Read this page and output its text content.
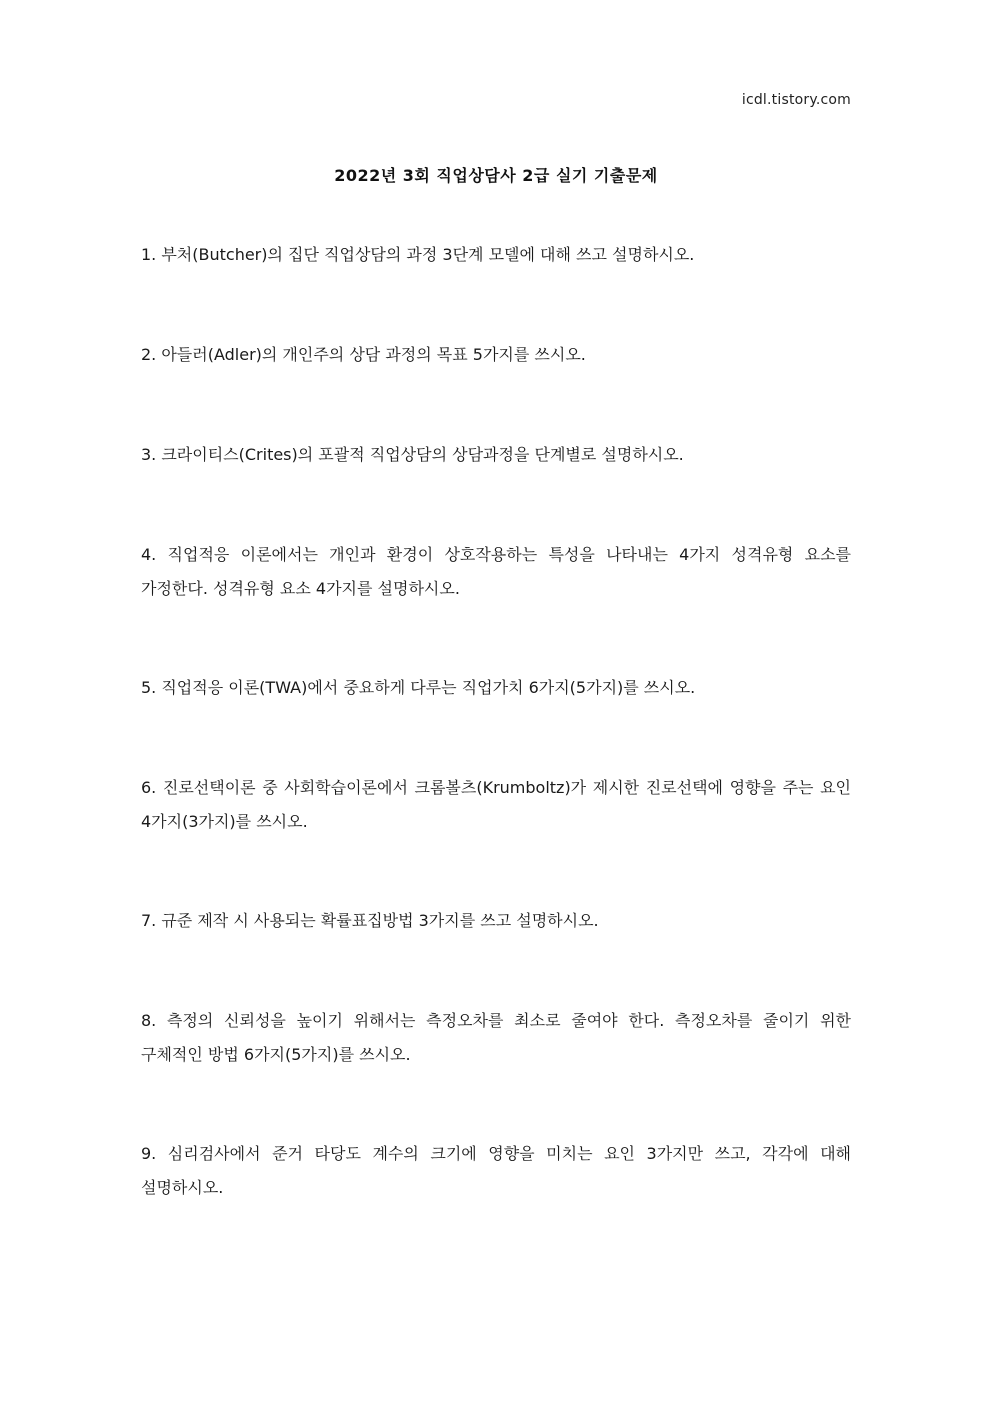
icdl.tistory.com
2022년 3회 직업상담사 2급 실기 기출문제
1. 부처(Butcher)의 집단 직업상담의 과정 3단계 모델에 대해 쓰고 설명하시오.
2. 아들러(Adler)의 개인주의 상담 과정의 목표 5가지를 쓰시오.
3. 크라이티스(Crites)의 포괄적 직업상담의 상담과정을 단계별로 설명하시오.
4. 직업적응 이론에서는 개인과 환경이 상호작용하는 특성을 나타내는 4가지 성격유형 요소를 가정한다. 성격유형 요소 4가지를 설명하시오.
5. 직업적응 이론(TWA)에서 중요하게 다루는 직업가치 6가지(5가지)를 쓰시오.
6. 진로선택이론 중 사회학습이론에서 크롬볼츠(Krumboltz)가 제시한 진로선택에 영향을 주는 요인 4가지(3가지)를 쓰시오.
7. 규준 제작 시 사용되는 확률표집방법 3가지를 쓰고 설명하시오.
8. 측정의 신뢰성을 높이기 위해서는 측정오차를 최소로 줄여야 한다. 측정오차를 줄이기 위한 구체적인 방법 6가지(5가지)를 쓰시오.
9. 심리검사에서 준거 타당도 계수의 크기에 영향을 미치는 요인 3가지만 쓰고, 각각에 대해 설명하시오.
